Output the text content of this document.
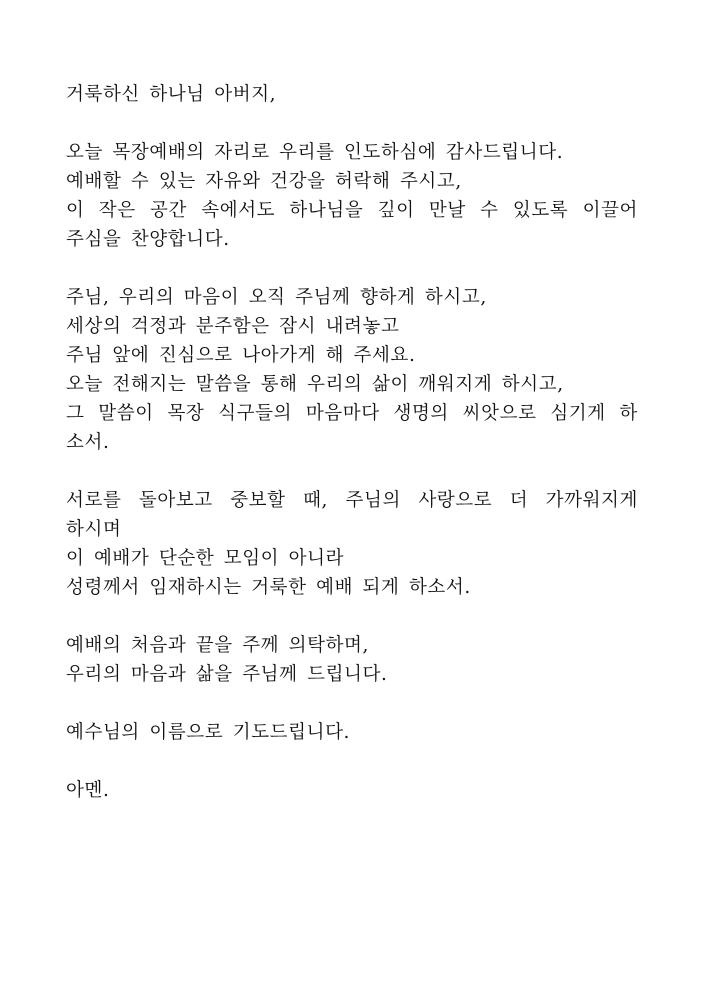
거룩하신 하나님 아버지,

오늘 목장예배의 자리로 우리를 인도하심에 감사드립니다.
예배할 수 있는 자유와 건강을 허락해 주시고,
이 작은 공간 속에서도 하나님을 깊이 만날 수 있도록 이끌어
주심을 찬양합니다.

주님, 우리의 마음이 오직 주님께 향하게 하시고,
세상의 걱정과 분주함은 잠시 내려놓고
주님 앞에 진심으로 나아가게 해 주세요.
오늘 전해지는 말씀을 통해 우리의 삶이 깨워지게 하시고,
그 말씀이 목장 식구들의 마음마다 생명의 씨앗으로 심기게 하
소서.

서로를 돌아보고 중보할 때, 주님의 사랑으로 더 가까워지게
하시며
이 예배가 단순한 모임이 아니라
성령께서 임재하시는 거룩한 예배 되게 하소서.

예배의 처음과 끝을 주께 의탁하며,
우리의 마음과 삶을 주님께 드립니다.

예수님의 이름으로 기도드립니다.

아멘.
